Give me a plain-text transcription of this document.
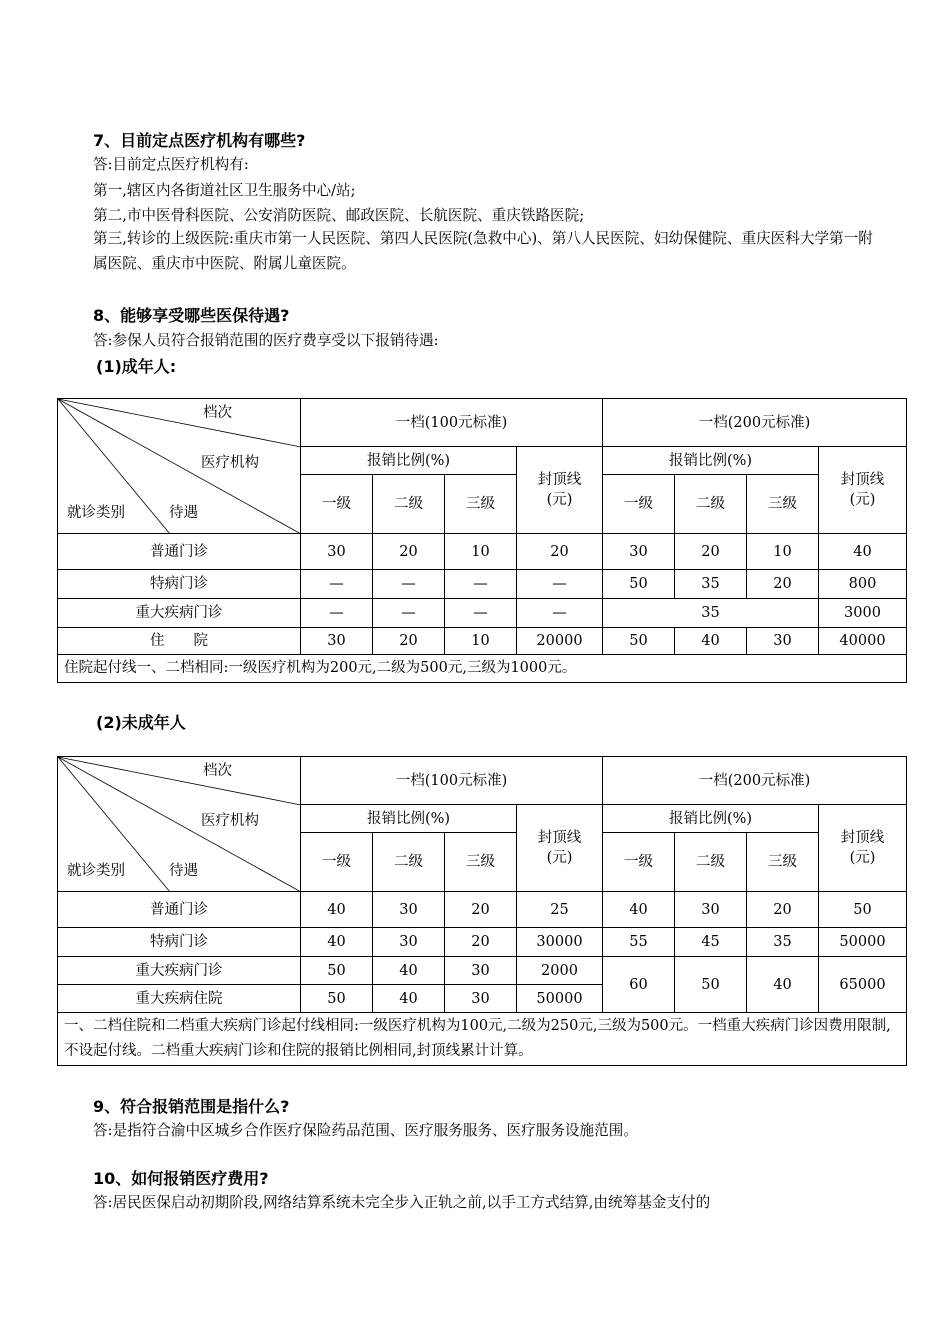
7、目前定点医疗机构有哪些?
答:目前定点医疗机构有:
第一,辖区内各街道社区卫生服务中心/站;
第二,市中医骨科医院、公安消防医院、邮政医院、长航医院、重庆铁路医院;
第三,转诊的上级医院:重庆市第一人民医院、第四人民医院(急救中心)、第八人民医院、妇幼保健院、重庆医科大学第一附属医院、重庆市中医院、附属儿童医院。
8、能够享受哪些医保待遇?
答:参保人员符合报销范围的医疗费享受以下报销待遇:
(1)成年人:
档次
医疗机构
就诊类别 待遇	一档(100元标准)				一档(200元标准)			
	报销比例(%)			封顶线(元)	报销比例(%)			封顶线(元)
	一级	二级	三级		一级	二级	三级	
普通门诊	30	20	10	20	30	20	10	40
特病门诊	—	—	—	—	50	35	20	800
重大疾病门诊	—	—	—	—	35			3000
住　　院	30	20	10	20000	50	40	30	40000
住院起付线一、二档相同:一级医疗机构为200元,二级为500元,三级为1000元。								
(2)未成年人
档次
医疗机构
就诊类别 待遇	一档(100元标准)				一档(200元标准)			
	报销比例(%)			封顶线(元)	报销比例(%)			封顶线(元)
	一级	二级	三级		一级	二级	三级	
普通门诊	40	30	20	25	40	30	20	50
特病门诊	40	30	20	30000	55	45	35	50000
重大疾病门诊	50	40	30	2000	60	50	40	65000
重大疾病住院	50	40	30	50000				
一、二档住院和二档重大疾病门诊起付线相同:一级医疗机构为100元,二级为250元,三级为500元。一档重大疾病门诊因费用限制,不设起付线。二档重大疾病门诊和住院的报销比例相同,封顶线累计计算。								
9、符合报销范围是指什么?
答:是指符合渝中区城乡合作医疗保险药品范围、医疗服务服务、医疗服务设施范围。
10、如何报销医疗费用?
答:居民医保启动初期阶段,网络结算系统未完全步入正轨之前,以手工方式结算,由统筹基金支付的
